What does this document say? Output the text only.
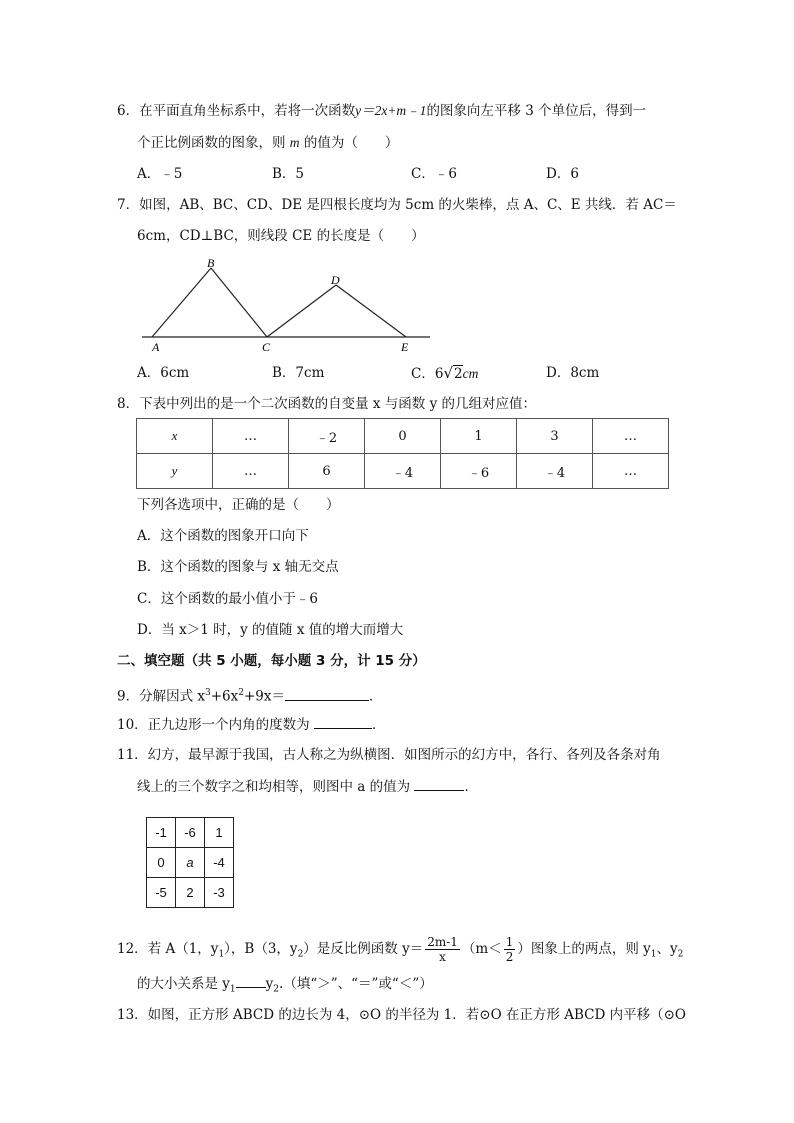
6．在平面直角坐标系中，若将一次函数y＝2x+m﹣1的图象向左平移 3 个单位后，得到一
个正比例函数的图象，则 m 的值为（　　）
A．﹣5	B．5	C．﹣6	D．6
7．如图，AB、BC、CD、DE 是四根长度均为 5cm 的火柴棒，点 A、C、E 共线．若 AC＝
6cm，CD⊥BC，则线段 CE 的长度是（　　）
A
B
C
D
E
A．6cm	B．7cm	C．6√2cm	D．8cm
8．下表中列出的是一个二次函数的自变量 x 与函数 y 的几组对应值：
x	…	﹣2	0	1	3	…
y	…	6	﹣4	﹣6	﹣4	…
下列各选项中，正确的是（　　）
A．这个函数的图象开口向下
B．这个函数的图象与 x 轴无交点
C．这个函数的最小值小于﹣6
D．当 x＞1 时，y 的值随 x 值的增大而增大
二、填空题（共 5 小题，每小题 3 分，计 15 分）
9．分解因式 $x^3+6x^2+9x=$	．
10．正九边形一个内角的度数为	．
11．幻方，最早源于我国，古人称之为纵横图．如图所示的幻方中，各行、各列及各条对角
线上的三个数字之和均相等，则图中 a 的值为	．
-1	-6	1
0	a	-4
-5	2	-3
12．若 A（1，$y_1$），B（3，$y_2$）是反比例函数 $y= \frac{2m-1}{x} (m< \frac{1}{2}$ ）图象上的两点，则 $y_1$、$y_2$
的大小关系是 $y_1$ $y_2$.（填“＞”、“＝”或“＜”）
13．如图，正方形 ABCD 的边长为 4，⊙O 的半径为 1．若⊙O 在正方形 ABCD 内平移（⊙O
